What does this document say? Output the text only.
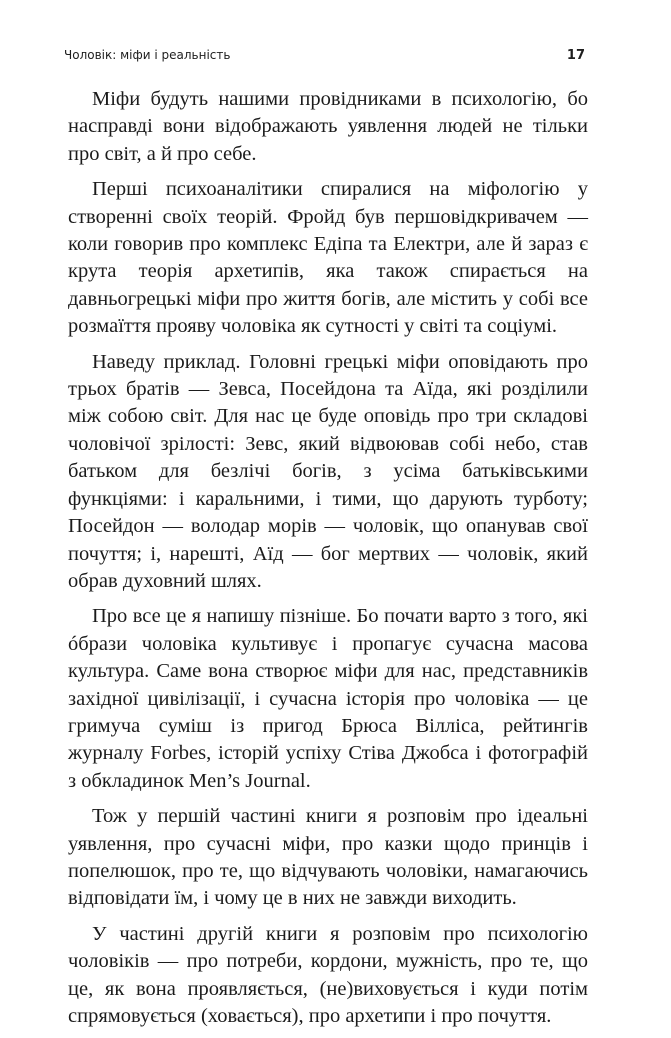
Чоловік: міфи і реальність	17

Міфи будуть нашими провідниками в психологію, бо насправді вони відображають уявлення людей не тільки про світ, а й про себе.

Перші психоаналітики спиралися на міфологію у створенні своїх теорій. Фройд був першовідкривачем — коли говорив про комплекс Едіпа та Електри, але й зараз є крута теорія архетипів, яка також спирається на давньогрецькі міфи про життя богів, але містить у собі все розмаїття прояву чоловіка як сутності у світі та соціумі.

Наведу приклад. Головні грецькі міфи оповідають про трьох братів — Зевса, Посейдона та Аїда, які розділили між собою світ. Для нас це буде оповідь про три складові чоловічої зрілості: Зевс, який відвоював собі небо, став батьком для безлічі богів, з усіма батьківськими функціями: і каральними, і тими, що дарують турботу; Посейдон — володар морів — чоловік, що опанував свої почуття; і, нарешті, Аїд — бог мертвих — чоловік, який обрав духовний шлях.

Про все це я напишу пізніше. Бо почати варто з того, які óбрази чоловіка культивує і пропагує сучасна масова культура. Саме вона створює міфи для нас, представників західної цивілізації, і сучасна історія про чоловіка — це гримуча суміш із пригод Брюса Вілліса, рейтингів журналу Forbes, історій успіху Стіва Джобса і фотографій з обкладинок Men’s Journal.

Тож у першій частині книги я розповім про ідеальні уявлення, про сучасні міфи, про казки щодо принців і попелюшок, про те, що відчувають чоловіки, намагаючись відповідати їм, і чому це в них не завжди виходить.

У частині другій книги я розповім про психологію чоловіків — про потреби, кордони, мужність, про те, що це, як вона проявляється, (не)виховується і куди потім спрямовується (ховається), про архетипи і про почуття.
